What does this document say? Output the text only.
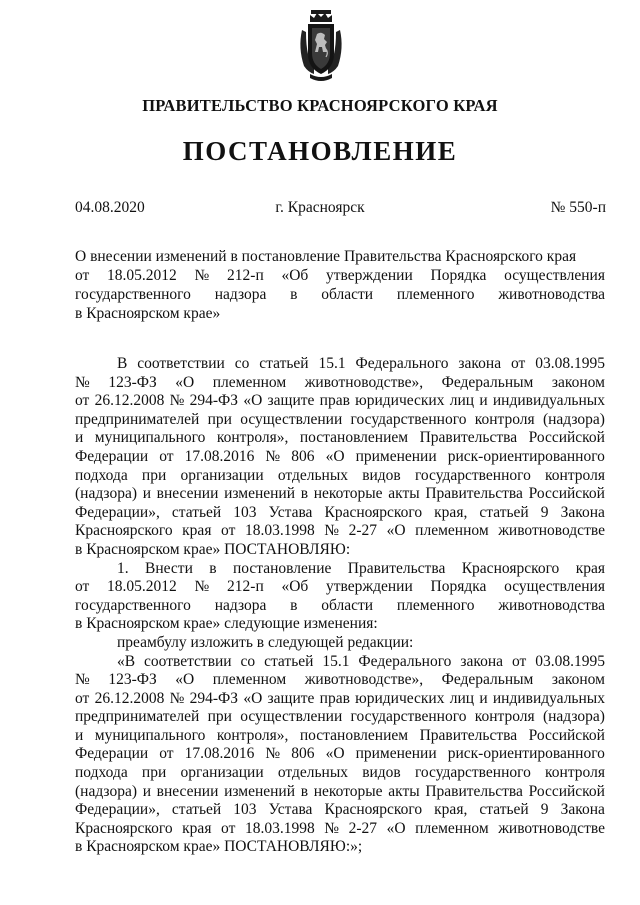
ПРАВИТЕЛЬСТВО КРАСНОЯРСКОГО КРАЯ
ПОСТАНОВЛЕНИЕ
04.08.2020	г. Красноярск	№ 550-п
О внесении изменений в постановление Правительства Красноярского края
от 18.05.2012 № 212-п «Об утверждении Порядка осуществления
государственного надзора в области племенного животноводства
в Красноярском крае»
В соответствии со статьей 15.1 Федерального закона от 03.08.1995
№ 123-ФЗ «О племенном животноводстве», Федеральным законом
от 26.12.2008 № 294-ФЗ «О защите прав юридических лиц и индивидуальных
предпринимателей при осуществлении государственного контроля (надзора)
и муниципального контроля», постановлением Правительства Российской
Федерации от 17.08.2016 № 806 «О применении риск-ориентированного
подхода при организации отдельных видов государственного контроля
(надзора) и внесении изменений в некоторые акты Правительства Российской
Федерации», статьей 103 Устава Красноярского края, статьей 9 Закона
Красноярского края от 18.03.1998 № 2-27 «О племенном животноводстве
в Красноярском крае» ПОСТАНОВЛЯЮ:
1. Внести в постановление Правительства Красноярского края
от 18.05.2012 № 212-п «Об утверждении Порядка осуществления
государственного надзора в области племенного животноводства
в Красноярском крае» следующие изменения:
преамбулу изложить в следующей редакции:
«В соответствии со статьей 15.1 Федерального закона от 03.08.1995
№ 123-ФЗ «О племенном животноводстве», Федеральным законом
от 26.12.2008 № 294-ФЗ «О защите прав юридических лиц и индивидуальных
предпринимателей при осуществлении государственного контроля (надзора)
и муниципального контроля», постановлением Правительства Российской
Федерации от 17.08.2016 № 806 «О применении риск-ориентированного
подхода при организации отдельных видов государственного контроля
(надзора) и внесении изменений в некоторые акты Правительства Российской
Федерации», статьей 103 Устава Красноярского края, статьей 9 Закона
Красноярского края от 18.03.1998 № 2-27 «О племенном животноводстве
в Красноярском крае» ПОСТАНОВЛЯЮ:»;
